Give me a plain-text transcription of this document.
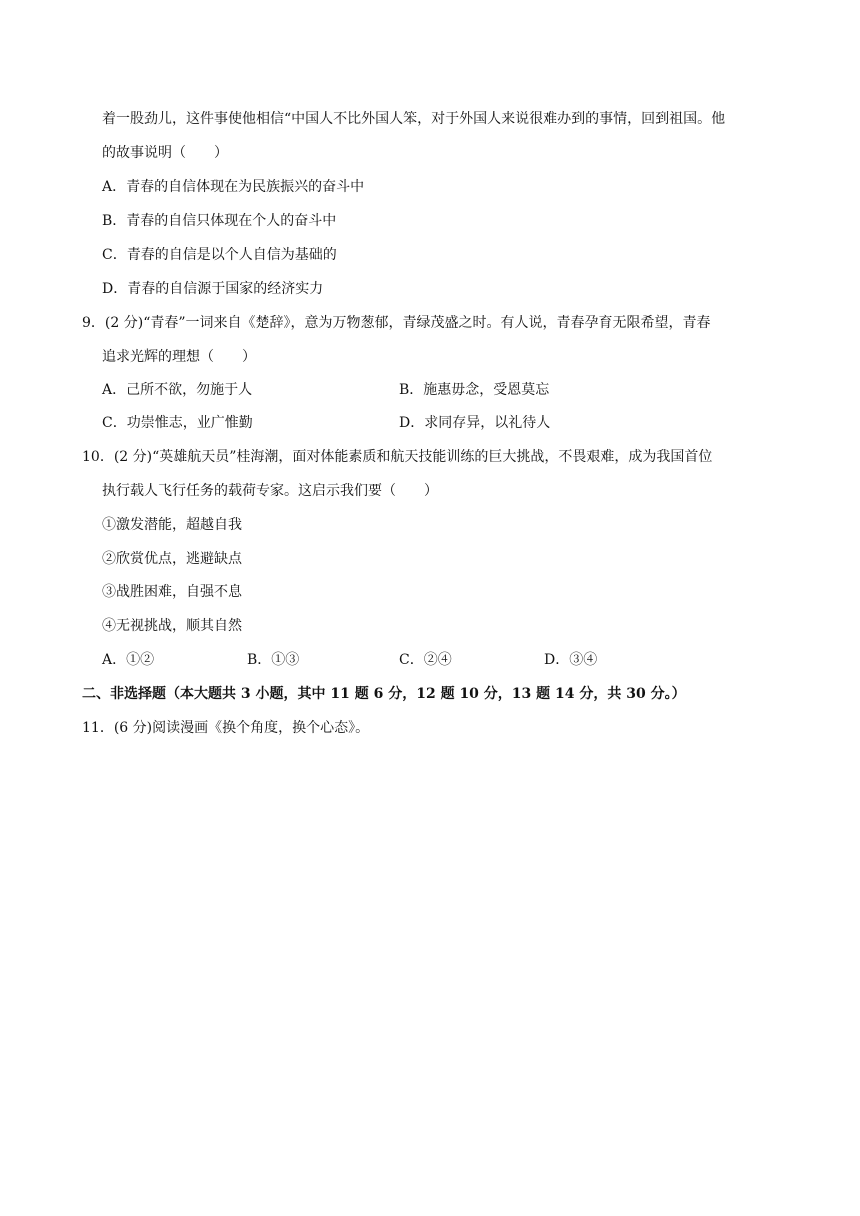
着一股劲儿，这件事使他相信“中国人不比外国人笨，对于外国人来说很难办到的事情，回到祖国。他
的故事说明（　　）
A．青春的自信体现在为民族振兴的奋斗中
B．青春的自信只体现在个人的奋斗中
C．青春的自信是以个人自信为基础的
D．青春的自信源于国家的经济实力
9．(2 分)“青春”一词来自《楚辞》，意为万物葱郁，青绿茂盛之时。有人说，青春孕育无限希望，青春
追求光辉的理想（　　）
A．己所不欲，勿施于人	B．施惠毋念，受恩莫忘
C．功崇惟志，业广惟勤	D．求同存异，以礼待人
10．(2 分)“英雄航天员”桂海潮，面对体能素质和航天技能训练的巨大挑战，不畏艰难，成为我国首位
执行载人飞行任务的载荷专家。这启示我们要（　　）
①激发潜能，超越自我
②欣赏优点，逃避缺点
③战胜困难，自强不息
④无视挑战，顺其自然
A．①②	B．①③	C．②④	D．③④
二、非选择题（本大题共 3 小题，其中 11 题 6 分，12 题 10 分，13 题 14 分，共 30 分。）
11．(6 分)阅读漫画《换个角度，换个心态》。
